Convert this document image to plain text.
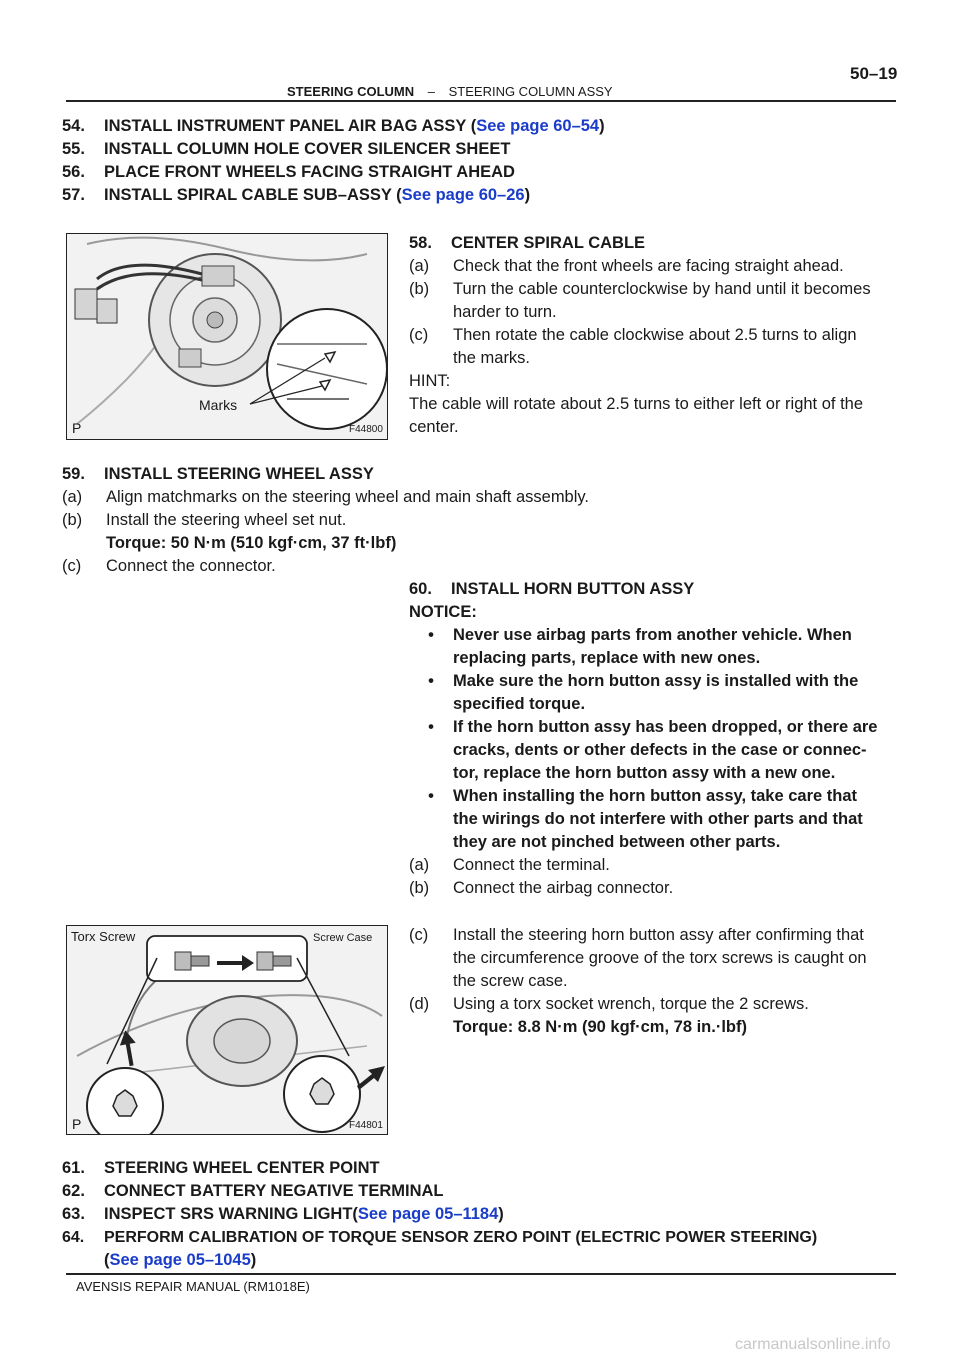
STEERING COLUMN – STEERING COLUMN ASSY
50–19
54. INSTALL INSTRUMENT PANEL AIR BAG ASSY (See page 60–54)
55. INSTALL COLUMN HOLE COVER SILENCER SHEET
56. PLACE FRONT WHEELS FACING STRAIGHT AHEAD
57. INSTALL SPIRAL CABLE SUB–ASSY (See page 60–26)
Marks
P	F44800
58. CENTER SPIRAL CABLE
(a) Check that the front wheels are facing straight ahead.
(b) Turn the cable counterclockwise by hand until it becomes
harder to turn.
(c) Then rotate the cable clockwise about 2.5 turns to align
the marks.
HINT:
The cable will rotate about 2.5 turns to either left or right of the
center.
59. INSTALL STEERING WHEEL ASSY
(a) Align matchmarks on the steering wheel and main shaft assembly.
(b) Install the steering wheel set nut.
Torque: 50 N·m (510 kgf·cm, 37 ft·lbf)
(c) Connect the connector.
60. INSTALL HORN BUTTON ASSY
NOTICE:
• Never use airbag parts from another vehicle. When
replacing parts, replace with new ones.
• Make sure the horn button assy is installed with the
specified torque.
• If the horn button assy has been dropped, or there are
cracks, dents or other defects in the case or connec-
tor, replace the horn button assy with a new one.
• When installing the horn button assy, take care that
the wirings do not interfere with other parts and that
they are not pinched between other parts.
(a) Connect the terminal.
(b) Connect the airbag connector.
Torx Screw	Screw Case
P	F44801
(c) Install the steering horn button assy after confirming that
the circumference groove of the torx screws is caught on
the screw case.
(d) Using a torx socket wrench, torque the 2 screws.
Torque: 8.8 N·m (90 kgf·cm, 78 in.·lbf)
61. STEERING WHEEL CENTER POINT
62. CONNECT BATTERY NEGATIVE TERMINAL
63. INSPECT SRS WARNING LIGHT(See page 05–1184)
64. PERFORM CALIBRATION OF TORQUE SENSOR ZERO POINT (ELECTRIC POWER STEERING)
(See page 05–1045)
AVENSIS REPAIR MANUAL (RM1018E)
carmanualsonline.info
